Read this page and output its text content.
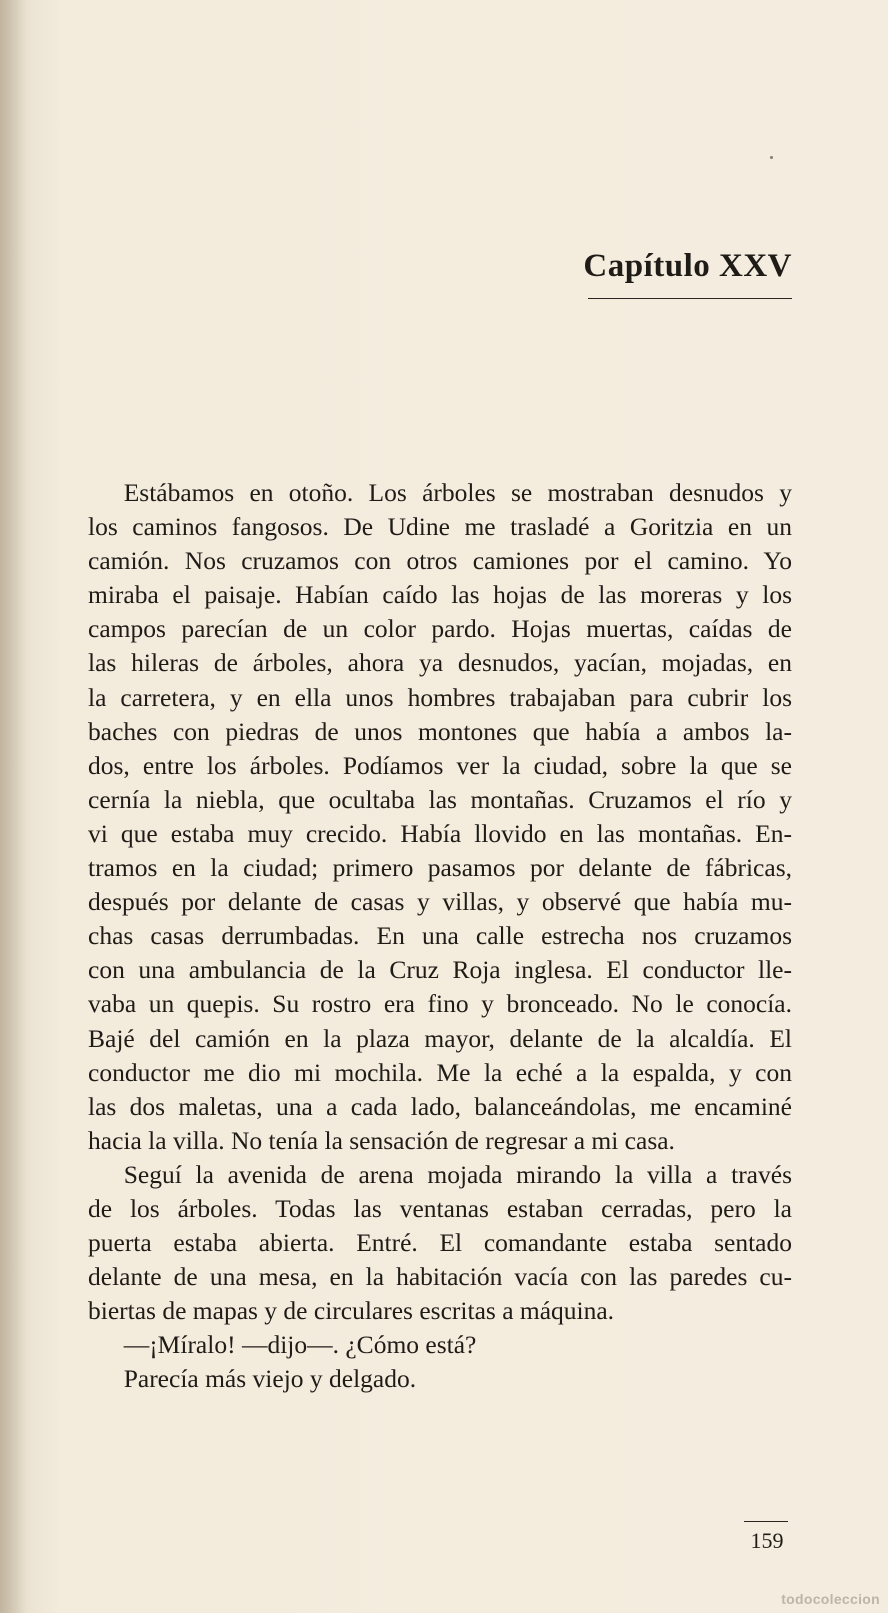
Capítulo XXV
Estábamos en otoño. Los árboles se mostraban desnudos y
los caminos fangosos. De Udine me trasladé a Goritzia en un
camión. Nos cruzamos con otros camiones por el camino. Yo
miraba el paisaje. Habían caído las hojas de las moreras y los
campos parecían de un color pardo. Hojas muertas, caídas de
las hileras de árboles, ahora ya desnudos, yacían, mojadas, en
la carretera, y en ella unos hombres trabajaban para cubrir los
baches con piedras de unos montones que había a ambos la-
dos, entre los árboles. Podíamos ver la ciudad, sobre la que se
cernía la niebla, que ocultaba las montañas. Cruzamos el río y
vi que estaba muy crecido. Había llovido en las montañas. En-
tramos en la ciudad; primero pasamos por delante de fábricas,
después por delante de casas y villas, y observé que había mu-
chas casas derrumbadas. En una calle estrecha nos cruzamos
con una ambulancia de la Cruz Roja inglesa. El conductor lle-
vaba un quepis. Su rostro era fino y bronceado. No le conocía.
Bajé del camión en la plaza mayor, delante de la alcaldía. El
conductor me dio mi mochila. Me la eché a la espalda, y con
las dos maletas, una a cada lado, balanceándolas, me encaminé
hacia la villa. No tenía la sensación de regresar a mi casa.
Seguí la avenida de arena mojada mirando la villa a través
de los árboles. Todas las ventanas estaban cerradas, pero la
puerta estaba abierta. Entré. El comandante estaba sentado
delante de una mesa, en la habitación vacía con las paredes cu-
biertas de mapas y de circulares escritas a máquina.
—¡Míralo! —dijo—. ¿Cómo está?
Parecía más viejo y delgado.
159
todocoleccion
